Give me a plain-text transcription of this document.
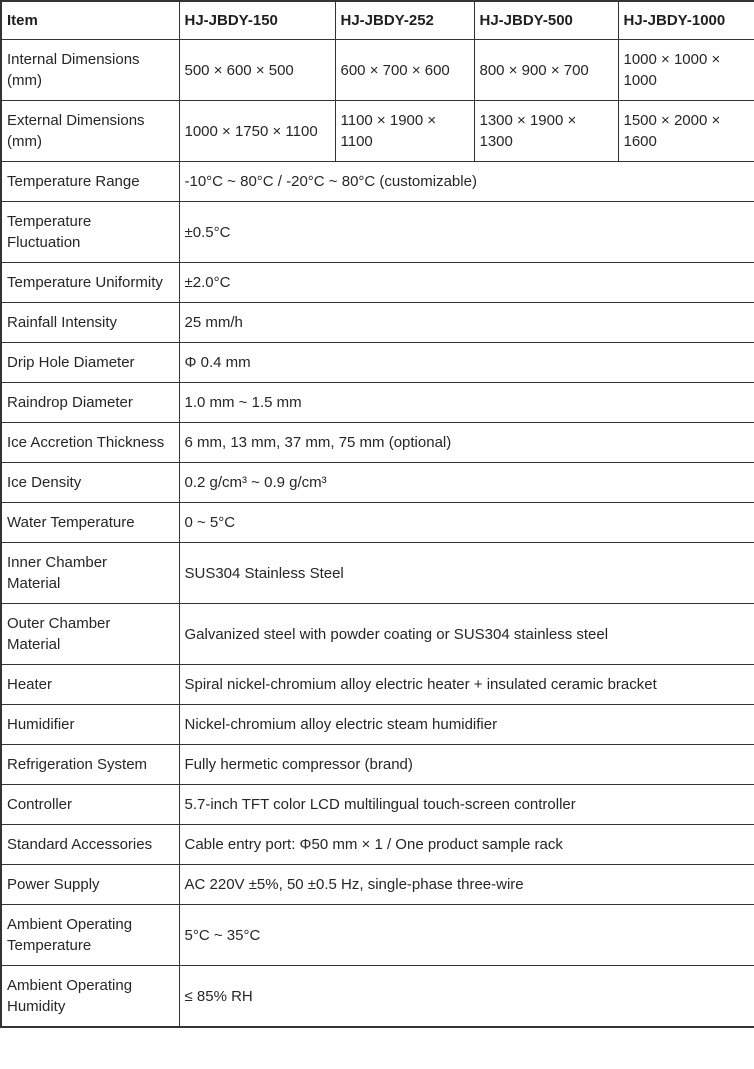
Item	HJ-JBDY-150	HJ-JBDY-252	HJ-JBDY-500	HJ-JBDY-1000
Internal Dimensions (mm)	500 × 600 × 500	600 × 700 × 600	800 × 900 × 700	1000 × 1000 × 1000
External Dimensions (mm)	1000 × 1750 × 1100	1100 × 1900 × 1100	1300 × 1900 × 1300	1500 × 2000 × 1600
Temperature Range	-10°C ~ 80°C / -20°C ~ 80°C (customizable)			
Temperature Fluctuation	±0.5°C			
Temperature Uniformity	±2.0°C			
Rainfall Intensity	25 mm/h			
Drip Hole Diameter	Φ 0.4 mm			
Raindrop Diameter	1.0 mm ~ 1.5 mm			
Ice Accretion Thickness	6 mm, 13 mm, 37 mm, 75 mm (optional)			
Ice Density	0.2 g/cm³ ~ 0.9 g/cm³			
Water Temperature	0 ~ 5°C			
Inner Chamber Material	SUS304 Stainless Steel			
Outer Chamber Material	Galvanized steel with powder coating or SUS304 stainless steel			
Heater	Spiral nickel-chromium alloy electric heater + insulated ceramic bracket			
Humidifier	Nickel-chromium alloy electric steam humidifier			
Refrigeration System	Fully hermetic compressor (brand)			
Controller	5.7-inch TFT color LCD multilingual touch-screen controller			
Standard Accessories	Cable entry port: Φ50 mm × 1 / One product sample rack			
Power Supply	AC 220V ±5%, 50 ±0.5 Hz, single-phase three-wire			
Ambient Operating Temperature	5°C ~ 35°C			
Ambient Operating Humidity	≤ 85% RH			
